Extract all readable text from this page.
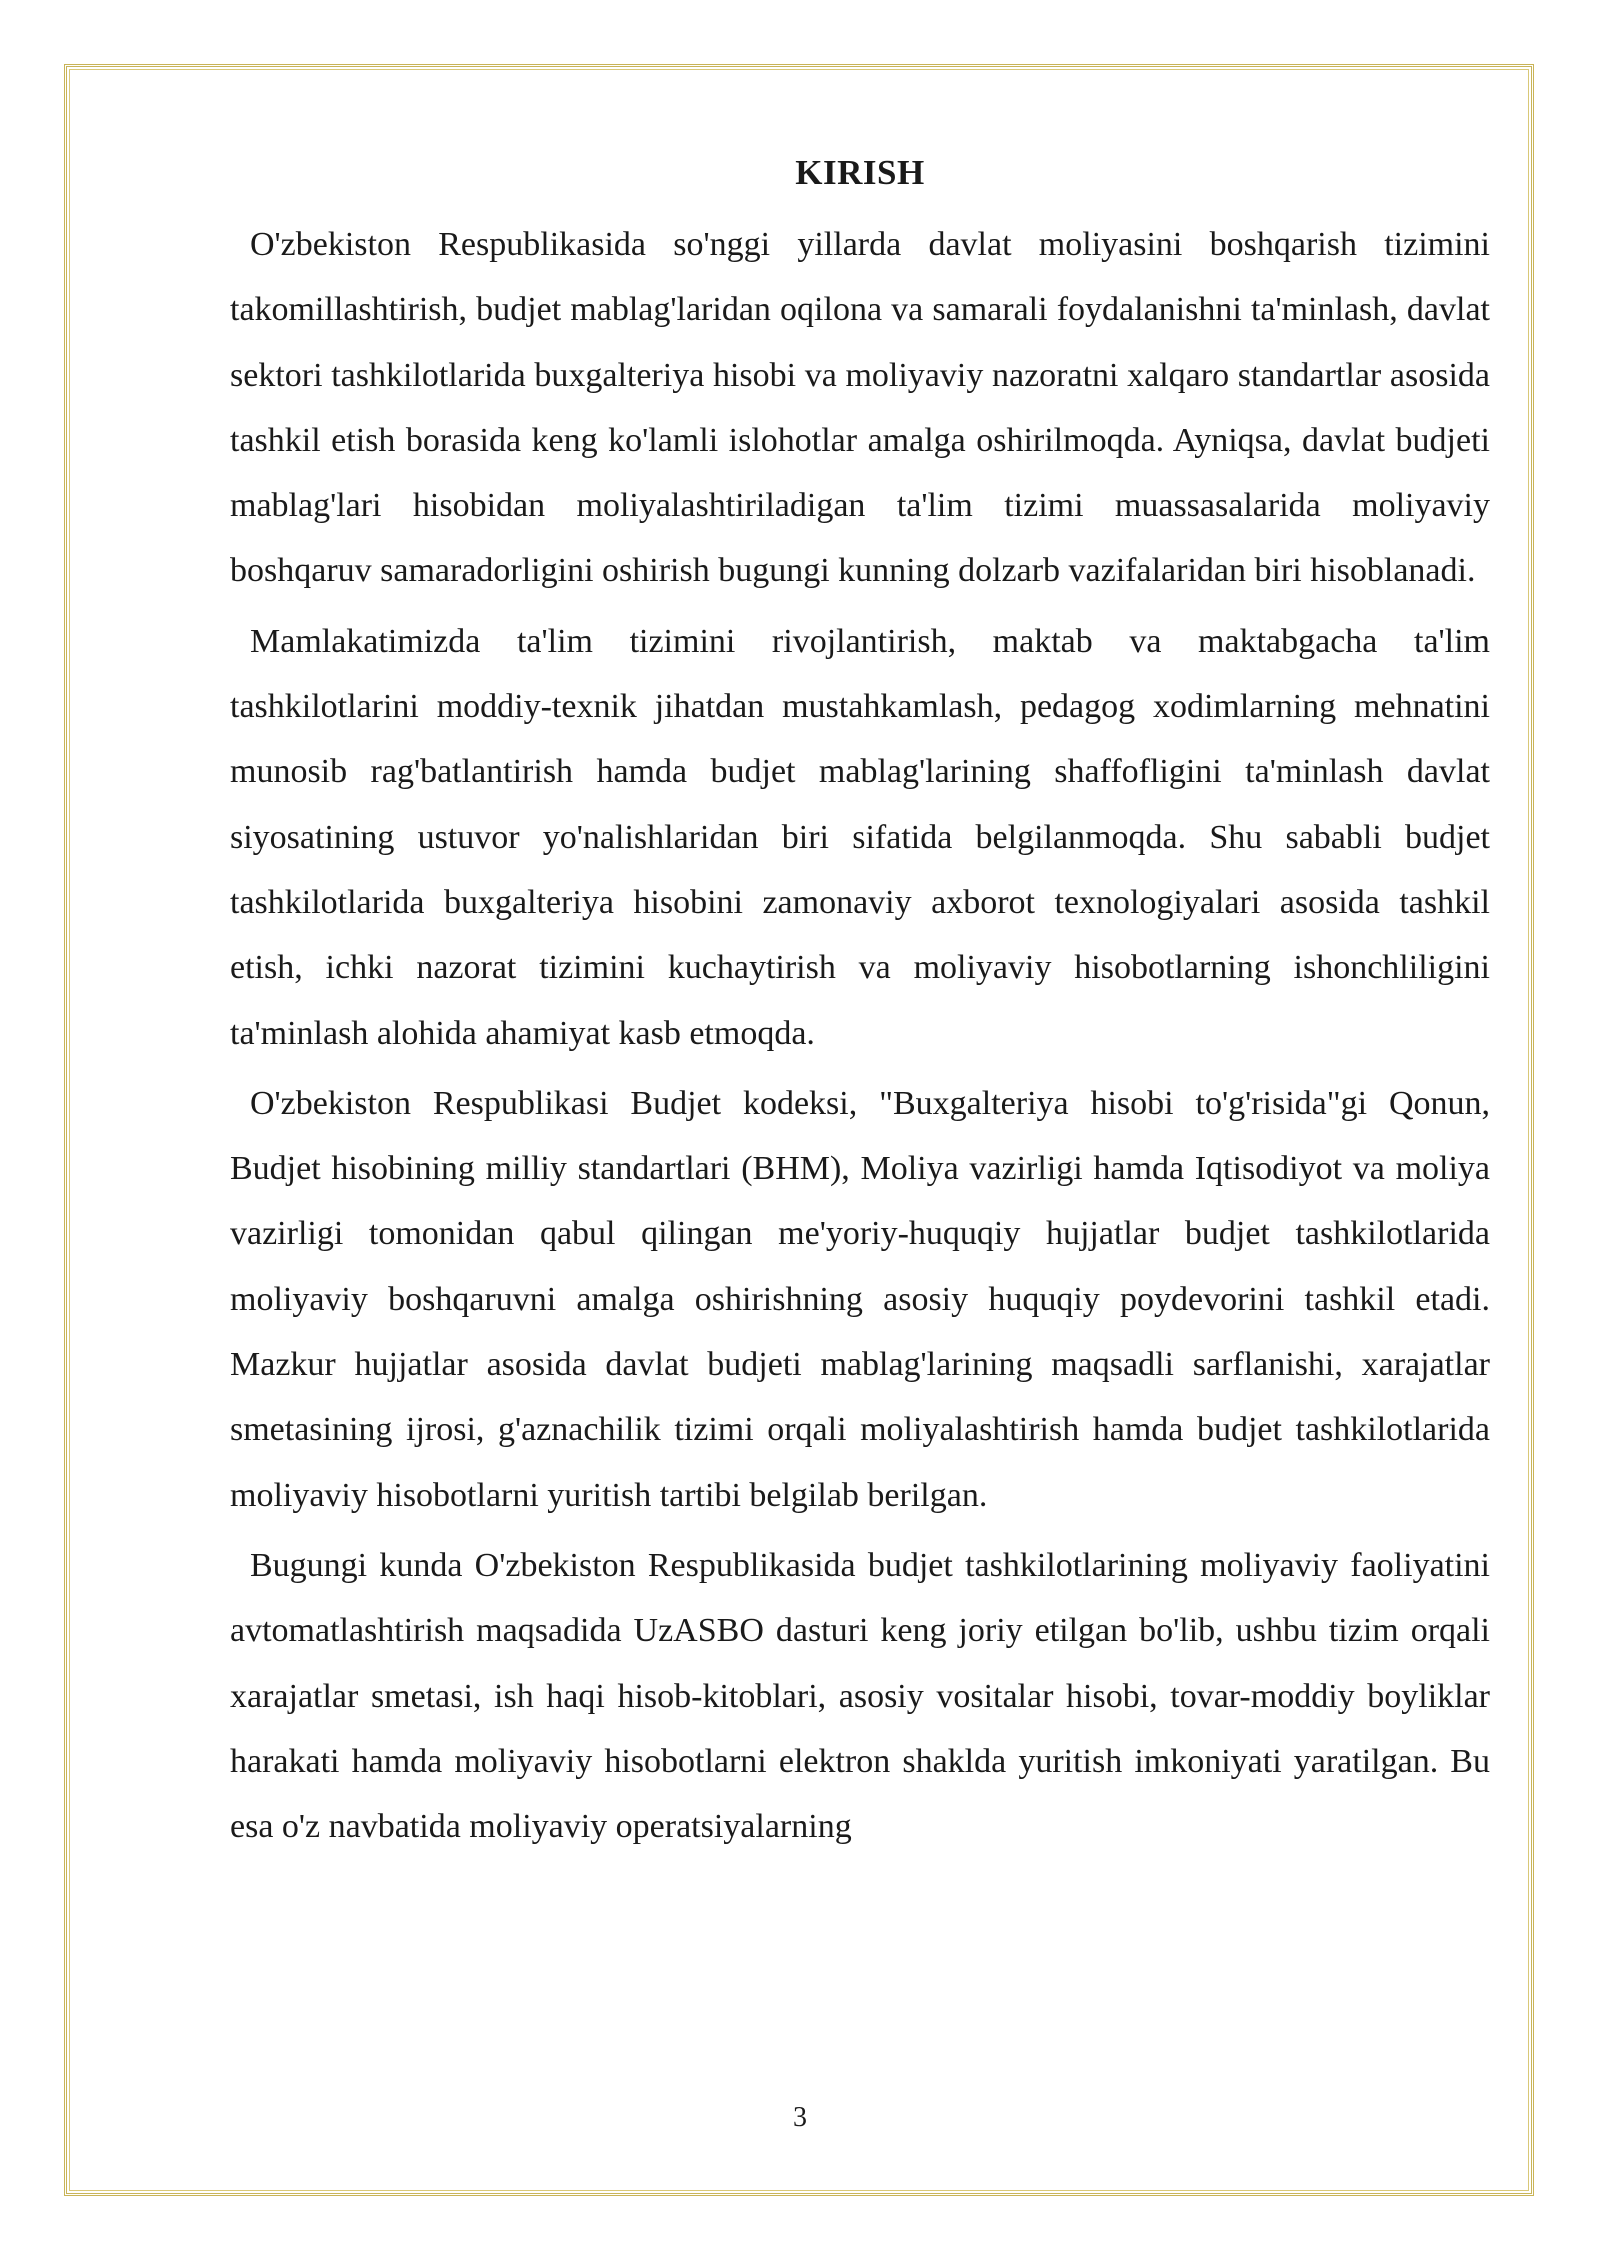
KIRISH

O'zbekiston Respublikasida so'nggi yillarda davlat moliyasini boshqarish tizimini takomillashtirish, budjet mablag'laridan oqilona va samarali foydalanishni ta'minlash, davlat sektori tashkilotlarida buxgalteriya hisobi va moliyaviy nazoratni xalqaro standartlar asosida tashkil etish borasida keng ko'lamli islohotlar amalga oshirilmoqda. Ayniqsa, davlat budjeti mablag'lari hisobidan moliyalashtiriladigan ta'lim tizimi muassasalarida moliyaviy boshqaruv samaradorligini oshirish bugungi kunning dolzarb vazifalaridan biri hisoblanadi.

Mamlakatimizda ta'lim tizimini rivojlantirish, maktab va maktabgacha ta'lim tashkilotlarini moddiy-texnik jihatdan mustahkamlash, pedagog xodimlarning mehnatini munosib rag'batlantirish hamda budjet mablag'larining shaffofligini ta'minlash davlat siyosatining ustuvor yo'nalishlaridan biri sifatida belgilanmoqda. Shu sababli budjet tashkilotlarida buxgalteriya hisobini zamonaviy axborot texnologiyalari asosida tashkil etish, ichki nazorat tizimini kuchaytirish va moliyaviy hisobotlarning ishonchliligini ta'minlash alohida ahamiyat kasb etmoqda.

O'zbekiston Respublikasi Budjet kodeksi, "Buxgalteriya hisobi to'g'risida"gi Qonun, Budjet hisobining milliy standartlari (BHM), Moliya vazirligi hamda Iqtisodiyot va moliya vazirligi tomonidan qabul qilingan me'yoriy-huquqiy hujjatlar budjet tashkilotlarida moliyaviy boshqaruvni amalga oshirishning asosiy huquqiy poydevorini tashkil etadi. Mazkur hujjatlar asosida davlat budjeti mablag'larining maqsadli sarflanishi, xarajatlar smetasining ijrosi, g'aznachilik tizimi orqali moliyalashtirish hamda budjet tashkilotlarida moliyaviy hisobotlarni yuritish tartibi belgilab berilgan.

Bugungi kunda O'zbekiston Respublikasida budjet tashkilotlarining moliyaviy faoliyatini avtomatlashtirish maqsadida UzASBO dasturi keng joriy etilgan bo'lib, ushbu tizim orqali xarajatlar smetasi, ish haqi hisob-kitoblari, asosiy vositalar hisobi, tovar-moddiy boyliklar harakati hamda moliyaviy hisobotlarni elektron shaklda yuritish imkoniyati yaratilgan. Bu esa o'z navbatida moliyaviy operatsiyalarning

3
